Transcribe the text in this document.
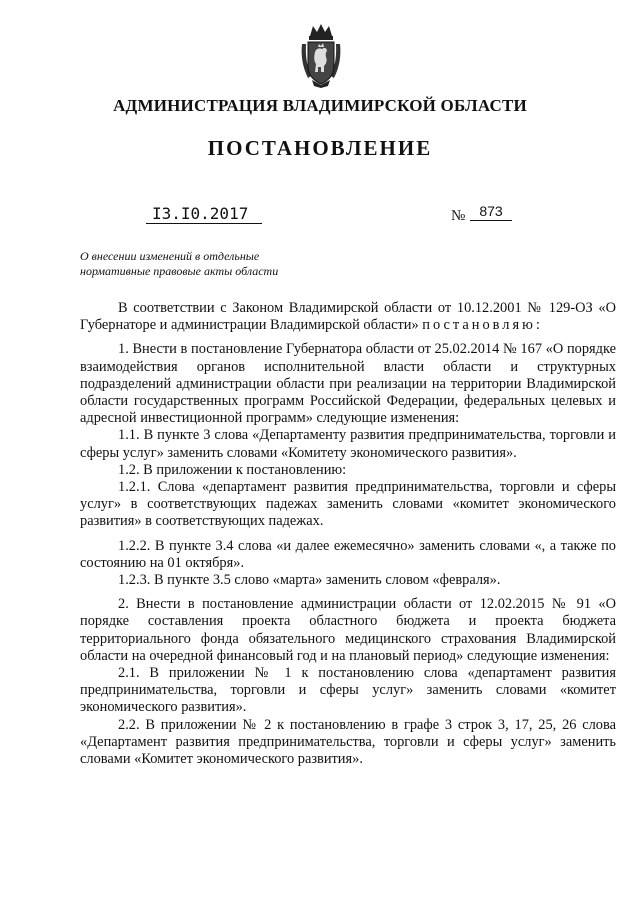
АДМИНИСТРАЦИЯ ВЛАДИМИРСКОЙ ОБЛАСТИ
ПОСТАНОВЛЕНИЕ
I3.I0.2017	№	873
О внесении изменений в отдельные
нормативные правовые акты области

В соответствии с Законом Владимирской области от 10.12.2001 № 129-ОЗ «О Губернаторе и администрации Владимирской области» постановляю:

1. Внести в постановление Губернатора области от 25.02.2014 № 167 «О порядке взаимодействия органов исполнительной власти области и структурных подразделений администрации области при реализации на территории Владимирской области государственных программ Российской Федерации, федеральных целевых и адресной инвестиционной программ» следующие изменения:

1.1. В пункте 3 слова «Департаменту развития предпринимательства, торговли и сферы услуг» заменить словами «Комитету экономического развития».

1.2. В приложении к постановлению:

1.2.1. Слова «департамент развития предпринимательства, торговли и сферы услуг» в соответствующих падежах заменить словами «комитет экономического развития» в соответствующих падежах.

1.2.2. В пункте 3.4 слова «и далее ежемесячно» заменить словами «, а также по состоянию на 01 октября».

1.2.3. В пункте 3.5 слово «марта» заменить словом «февраля».

2. Внести в постановление администрации области от 12.02.2015 № 91 «О порядке составления проекта областного бюджета и проекта бюджета территориального фонда обязательного медицинского страхования Владимирской области на очередной финансовый год и на плановый период» следующие изменения:

2.1. В приложении № 1 к постановлению слова «департамент развития предпринимательства, торговли и сферы услуг» заменить словами «комитет экономического развития».

2.2. В приложении № 2 к постановлению в графе 3 строк 3, 17, 25, 26 слова «Департамент развития предпринимательства, торговли и сферы услуг» заменить словами «Комитет экономического развития».
